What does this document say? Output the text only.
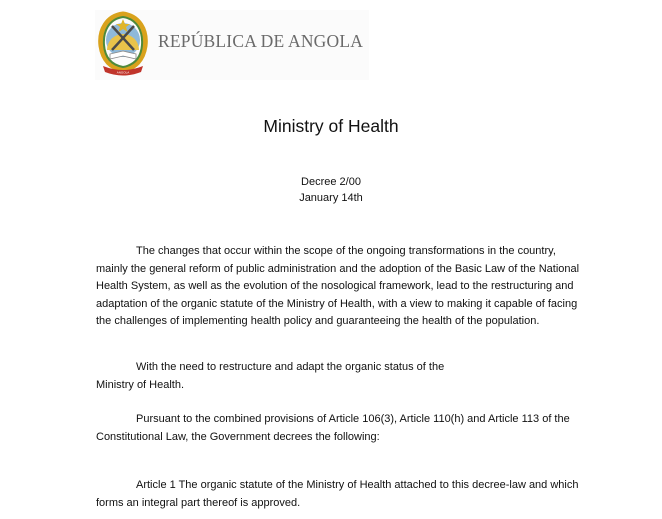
ANGOLA
REPÚBLICA DE ANGOLA
Ministry of Health
Decree 2/00
January 14th

The changes that occur within the scope of the ongoing transformations in the country,
mainly the general reform of public administration and the adoption of the Basic Law of the National
Health System, as well as the evolution of the nosological framework, lead to the restructuring and
adaptation of the organic statute of the Ministry of Health, with a view to making it capable of facing
the challenges of implementing health policy and guaranteeing the health of the population.

With the need to restructure and adapt the organic status of the
Ministry of Health.

Pursuant to the combined provisions of Article 106(3), Article 110(h) and Article 113 of the
Constitutional Law, the Government decrees the following:

Article 1 The organic statute of the Ministry of Health attached to this decree-law and which
forms an integral part thereof is approved.
